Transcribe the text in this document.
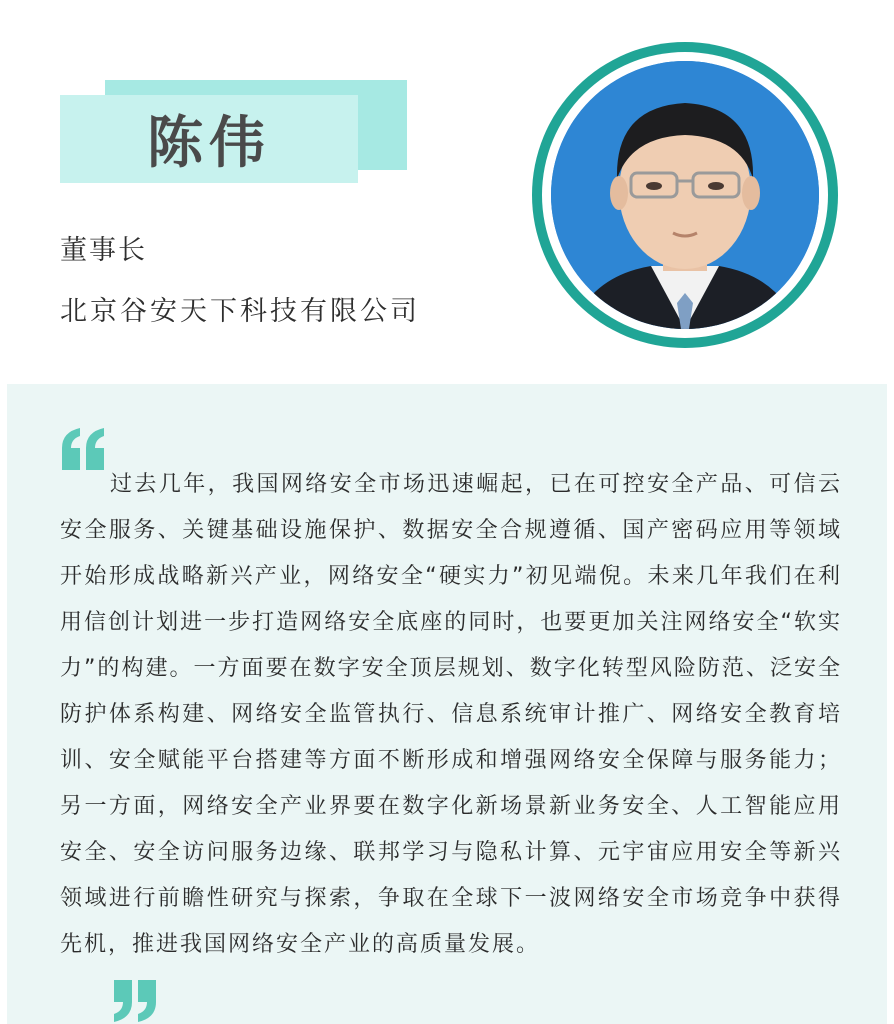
陈伟
董事长
北京谷安天下科技有限公司
过去几年，我国网络安全市场迅速崛起，已在可控安全产品、可信云安全服务、关键基础设施保护、数据安全合规遵循、国产密码应用等领域开始形成战略新兴产业，网络安全“硬实力”初见端倪。未来几年我们在利用信创计划进一步打造网络安全底座的同时，也要更加关注网络安全“软实力”的构建。一方面要在数字安全顶层规划、数字化转型风险防范、泛安全防护体系构建、网络安全监管执行、信息系统审计推广、网络安全教育培训、安全赋能平台搭建等方面不断形成和增强网络安全保障与服务能力；另一方面，网络安全产业界要在数字化新场景新业务安全、人工智能应用安全、安全访问服务边缘、联邦学习与隐私计算、元宇宙应用安全等新兴领域进行前瞻性研究与探索，争取在全球下一波网络安全市场竞争中获得先机，推进我国网络安全产业的高质量发展。
